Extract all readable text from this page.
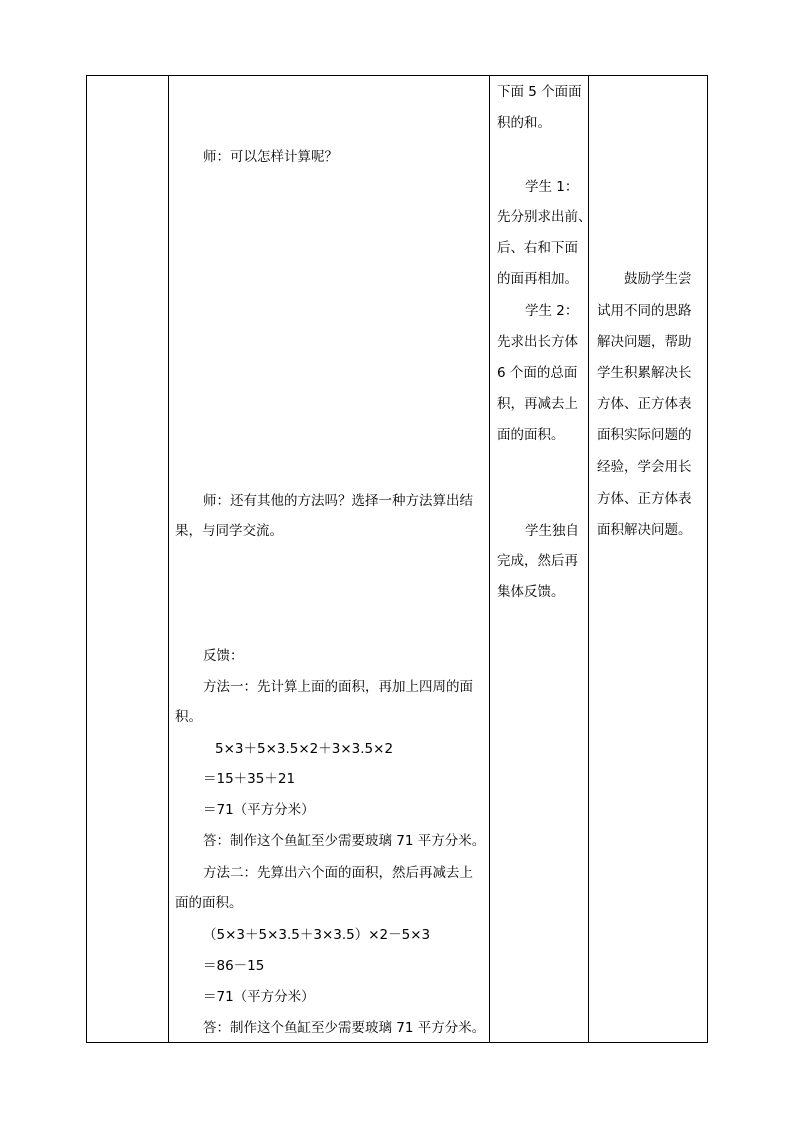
师：可以怎样计算呢？
师：还有其他的方法吗？选择一种方法算出结
果，与同学交流。
反馈：
方法一：先计算上面的面积，再加上四周的面
积。
5×3＋5×3.5×2＋3×3.5×2
＝15＋35＋21
＝71（平方分米）
答：制作这个鱼缸至少需要玻璃 71 平方分米。
方法二：先算出六个面的面积，然后再减去上
面的面积。
（5×3＋5×3.5＋3×3.5）×2－5×3
＝86－15
＝71（平方分米）
答：制作这个鱼缸至少需要玻璃 71 平方分米。
下面 5 个面面
积的和。
学生 1：
先分别求出前、
后、右和下面
的面再相加。
学生 2：
先求出长方体
6 个面的总面
积，再减去上
面的面积。
学生独自
完成，然后再
集体反馈。
鼓励学生尝
试用不同的思路
解决问题，帮助
学生积累解决长
方体、正方体表
面积实际问题的
经验，学会用长
方体、正方体表
面积解决问题。
